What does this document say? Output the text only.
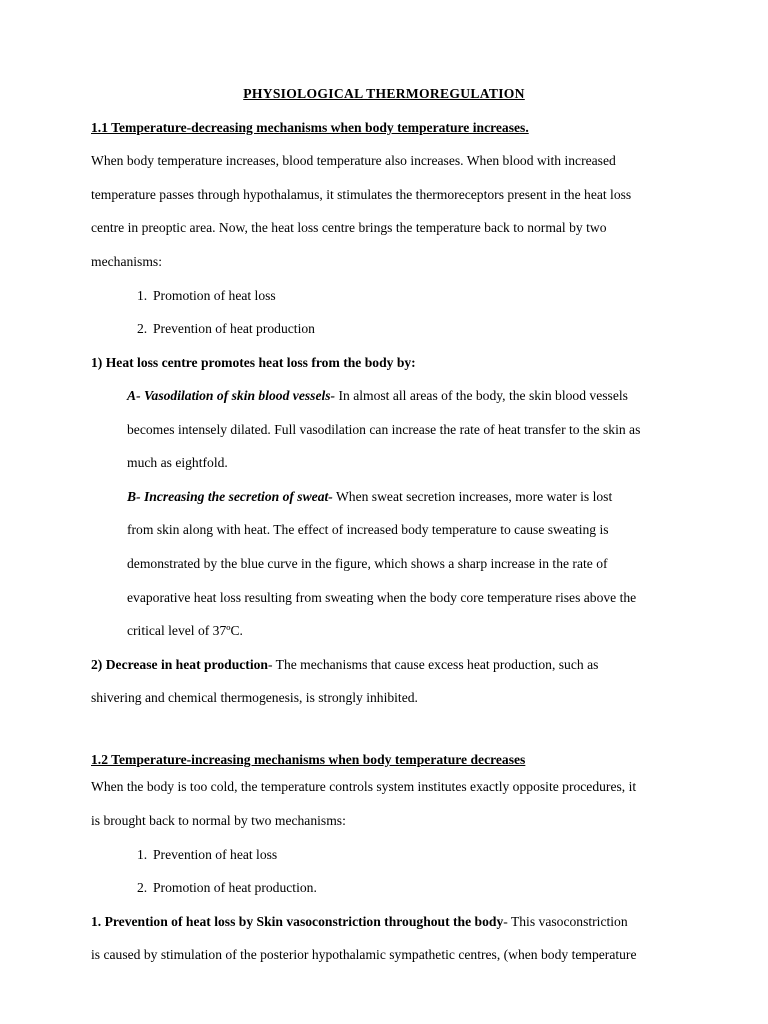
PHYSIOLOGICAL THERMOREGULATION
1.1 Temperature-decreasing mechanisms when body temperature increases.
When body temperature increases, blood temperature also increases. When blood with increased
temperature passes through hypothalamus, it stimulates the thermoreceptors present in the heat loss
centre in preoptic area. Now, the heat loss centre brings the temperature back to normal by two
mechanisms:
1. Promotion of heat loss
2. Prevention of heat production
1) Heat loss centre promotes heat loss from the body by:
A- Vasodilation of skin blood vessels- In almost all areas of the body, the skin blood vessels
becomes intensely dilated. Full vasodilation can increase the rate of heat transfer to the skin as
much as eightfold.
B- Increasing the secretion of sweat- When sweat secretion increases, more water is lost
from skin along with heat. The effect of increased body temperature to cause sweating is
demonstrated by the blue curve in the figure, which shows a sharp increase in the rate of
evaporative heat loss resulting from sweating when the body core temperature rises above the
critical level of 37ºC.
2) Decrease in heat production- The mechanisms that cause excess heat production, such as
shivering and chemical thermogenesis, is strongly inhibited.
1.2 Temperature-increasing mechanisms when body temperature decreases
When the body is too cold, the temperature controls system institutes exactly opposite procedures, it
is brought back to normal by two mechanisms:
1. Prevention of heat loss
2. Promotion of heat production.
1. Prevention of heat loss by Skin vasoconstriction throughout the body- This vasoconstriction
is caused by stimulation of the posterior hypothalamic sympathetic centres, (when body temperature
